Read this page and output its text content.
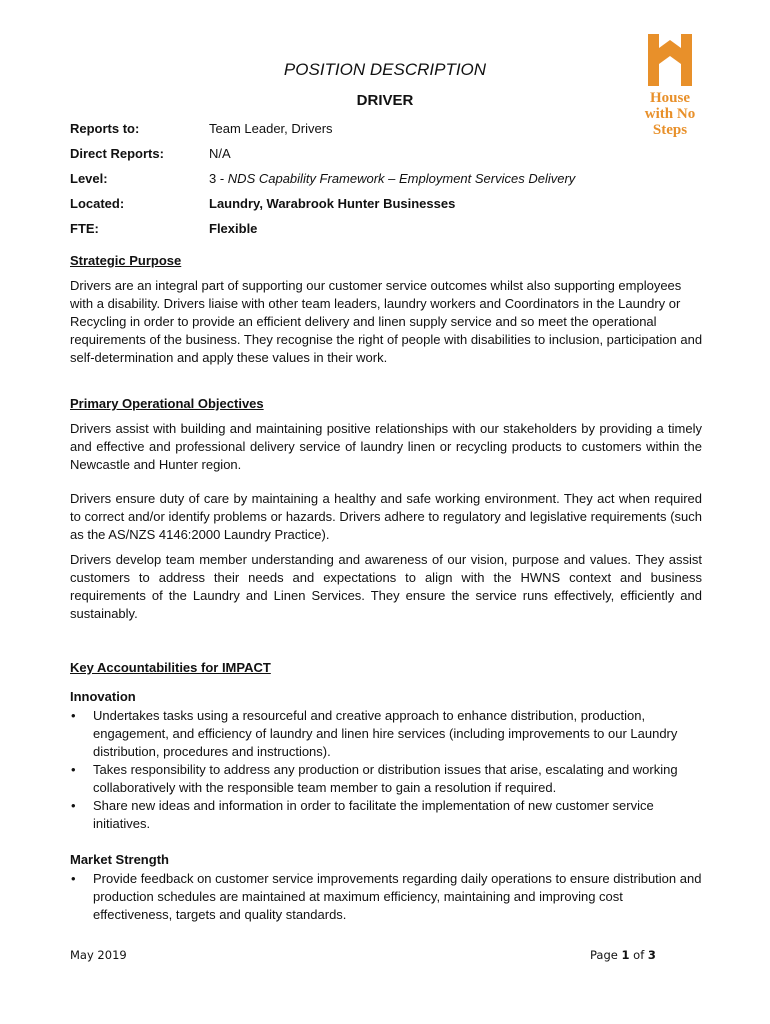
House
with No
Steps
POSITION DESCRIPTION
DRIVER
Reports to:	Team Leader, Drivers
Direct Reports:	N/A
Level:	3 - NDS Capability Framework – Employment Services Delivery
Located:	Laundry, Warabrook Hunter Businesses
FTE:	Flexible
Strategic Purpose
Drivers are an integral part of supporting our customer service outcomes whilst also supporting employees with a disability. Drivers liaise with other team leaders, laundry workers and Coordinators in the Laundry or Recycling in order to provide an efficient delivery and linen supply service and so meet the operational requirements of the business. They recognise the right of people with disabilities to inclusion, participation and self-determination and apply these values in their work.
Primary Operational Objectives
Drivers assist with building and maintaining positive relationships with our stakeholders by providing a timely and effective and professional delivery service of laundry linen or recycling products to customers within the Newcastle and Hunter region.
Drivers ensure duty of care by maintaining a healthy and safe working environment. They act when required to correct and/or identify problems or hazards. Drivers adhere to regulatory and legislative requirements (such as the AS/NZS 4146:2000 Laundry Practice).
Drivers develop team member understanding and awareness of our vision, purpose and values. They assist customers to address their needs and expectations to align with the HWNS context and business requirements of the Laundry and Linen Services. They ensure the service runs effectively, efficiently and sustainably.
Key Accountabilities for IMPACT
Innovation
• Undertakes tasks using a resourceful and creative approach to enhance distribution, production, engagement, and efficiency of laundry and linen hire services (including improvements to our Laundry distribution, procedures and instructions).
• Takes responsibility to address any production or distribution issues that arise, escalating and working collaboratively with the responsible team member to gain a resolution if required.
• Share new ideas and information in order to facilitate the implementation of new customer service initiatives.
Market Strength
• Provide feedback on customer service improvements regarding daily operations to ensure distribution and production schedules are maintained at maximum efficiency, maintaining and improving cost effectiveness, targets and quality standards.
May 2019	Page 1 of 3
